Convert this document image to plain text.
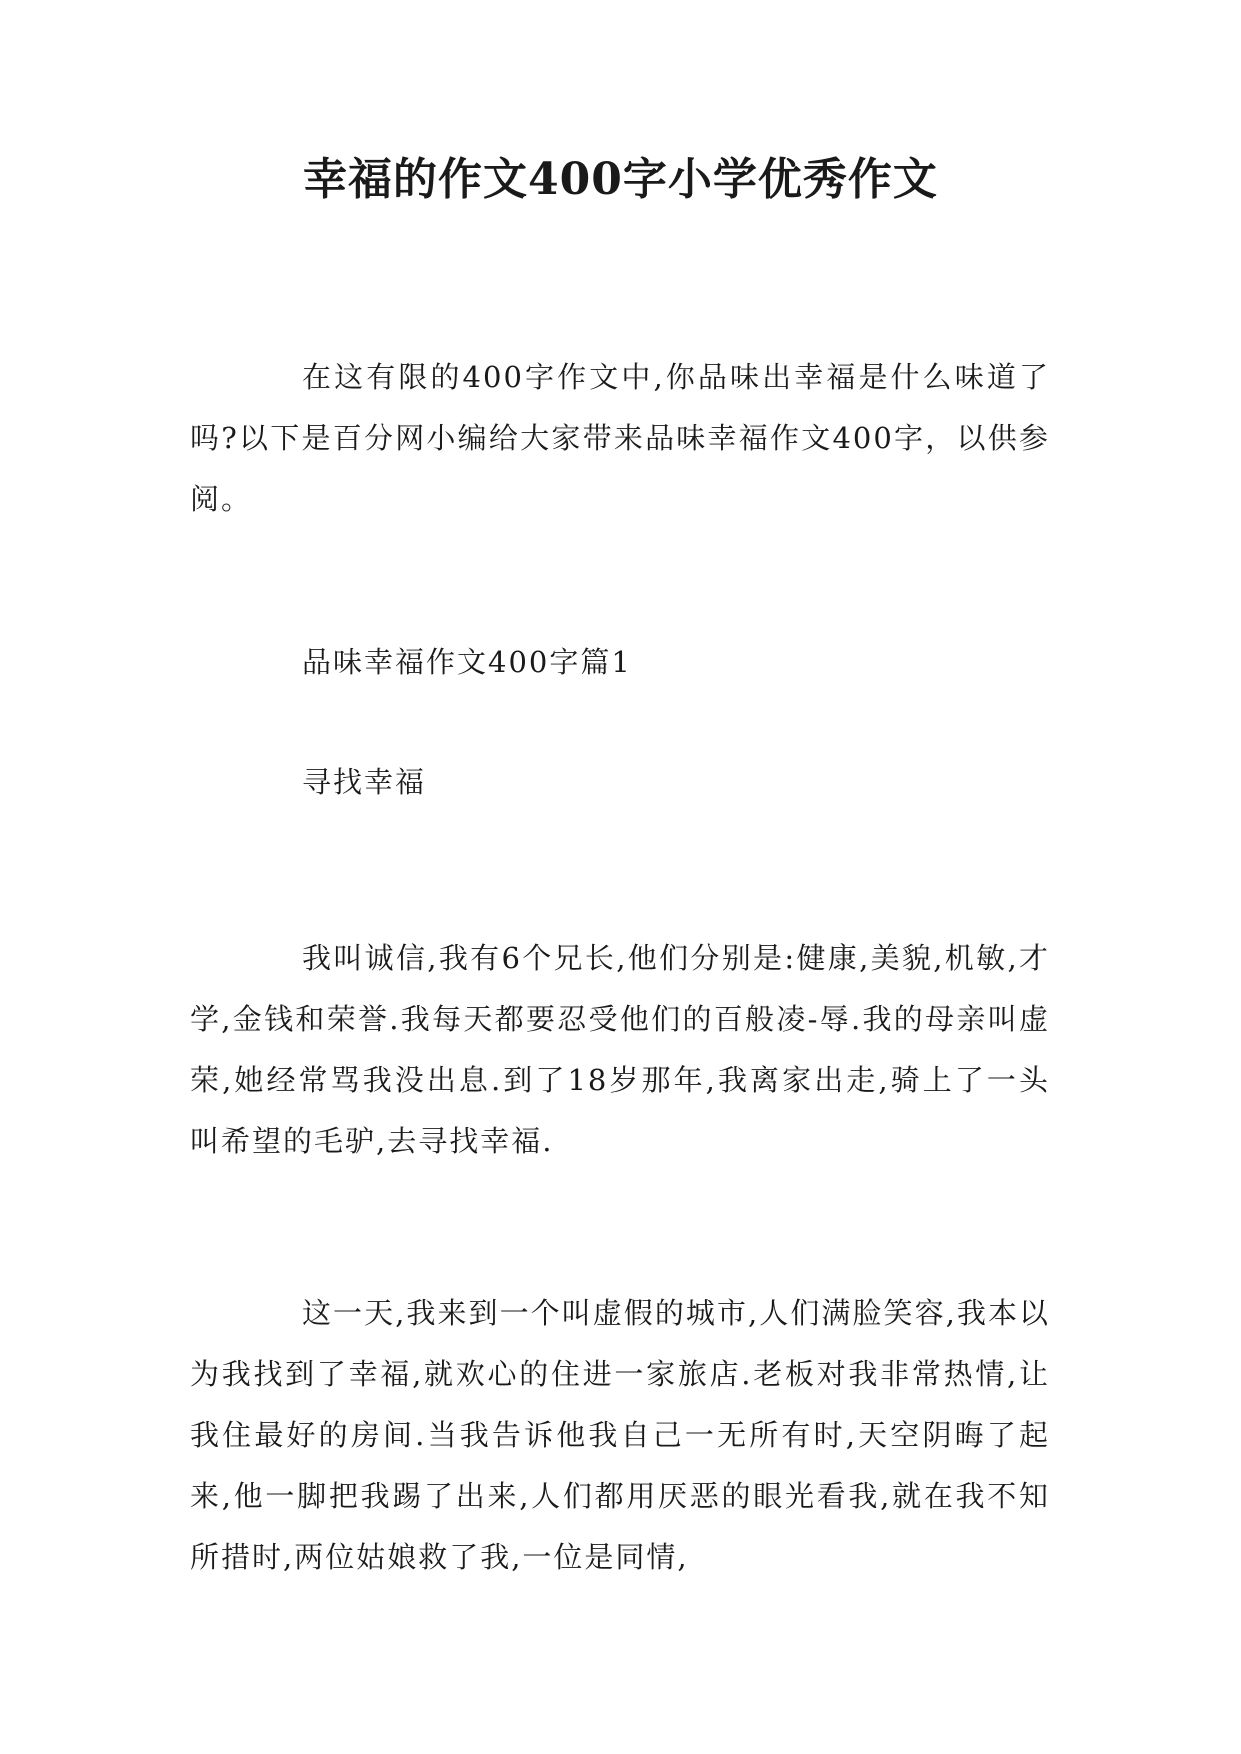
幸福的作文400字小学优秀作文

在这有限的400字作文中,你品味出幸福是什么味道了吗?以下是百分网小编给大家带来品味幸福作文400字，以供参阅。

品味幸福作文400字篇1

寻找幸福

我叫诚信,我有6个兄长,他们分别是:健康,美貌,机敏,才学,金钱和荣誉.我每天都要忍受他们的百般凌-辱.我的母亲叫虚荣,她经常骂我没出息.到了18岁那年,我离家出走,骑上了一头叫希望的毛驴,去寻找幸福.

这一天,我来到一个叫虚假的城市,人们满脸笑容,我本以为我找到了幸福,就欢心的住进一家旅店.老板对我非常热情,让我住最好的房间.当我告诉他我自己一无所有时,天空阴晦了起来,他一脚把我踢了出来,人们都用厌恶的眼光看我,就在我不知所措时,两位姑娘救了我,一位是同情,
